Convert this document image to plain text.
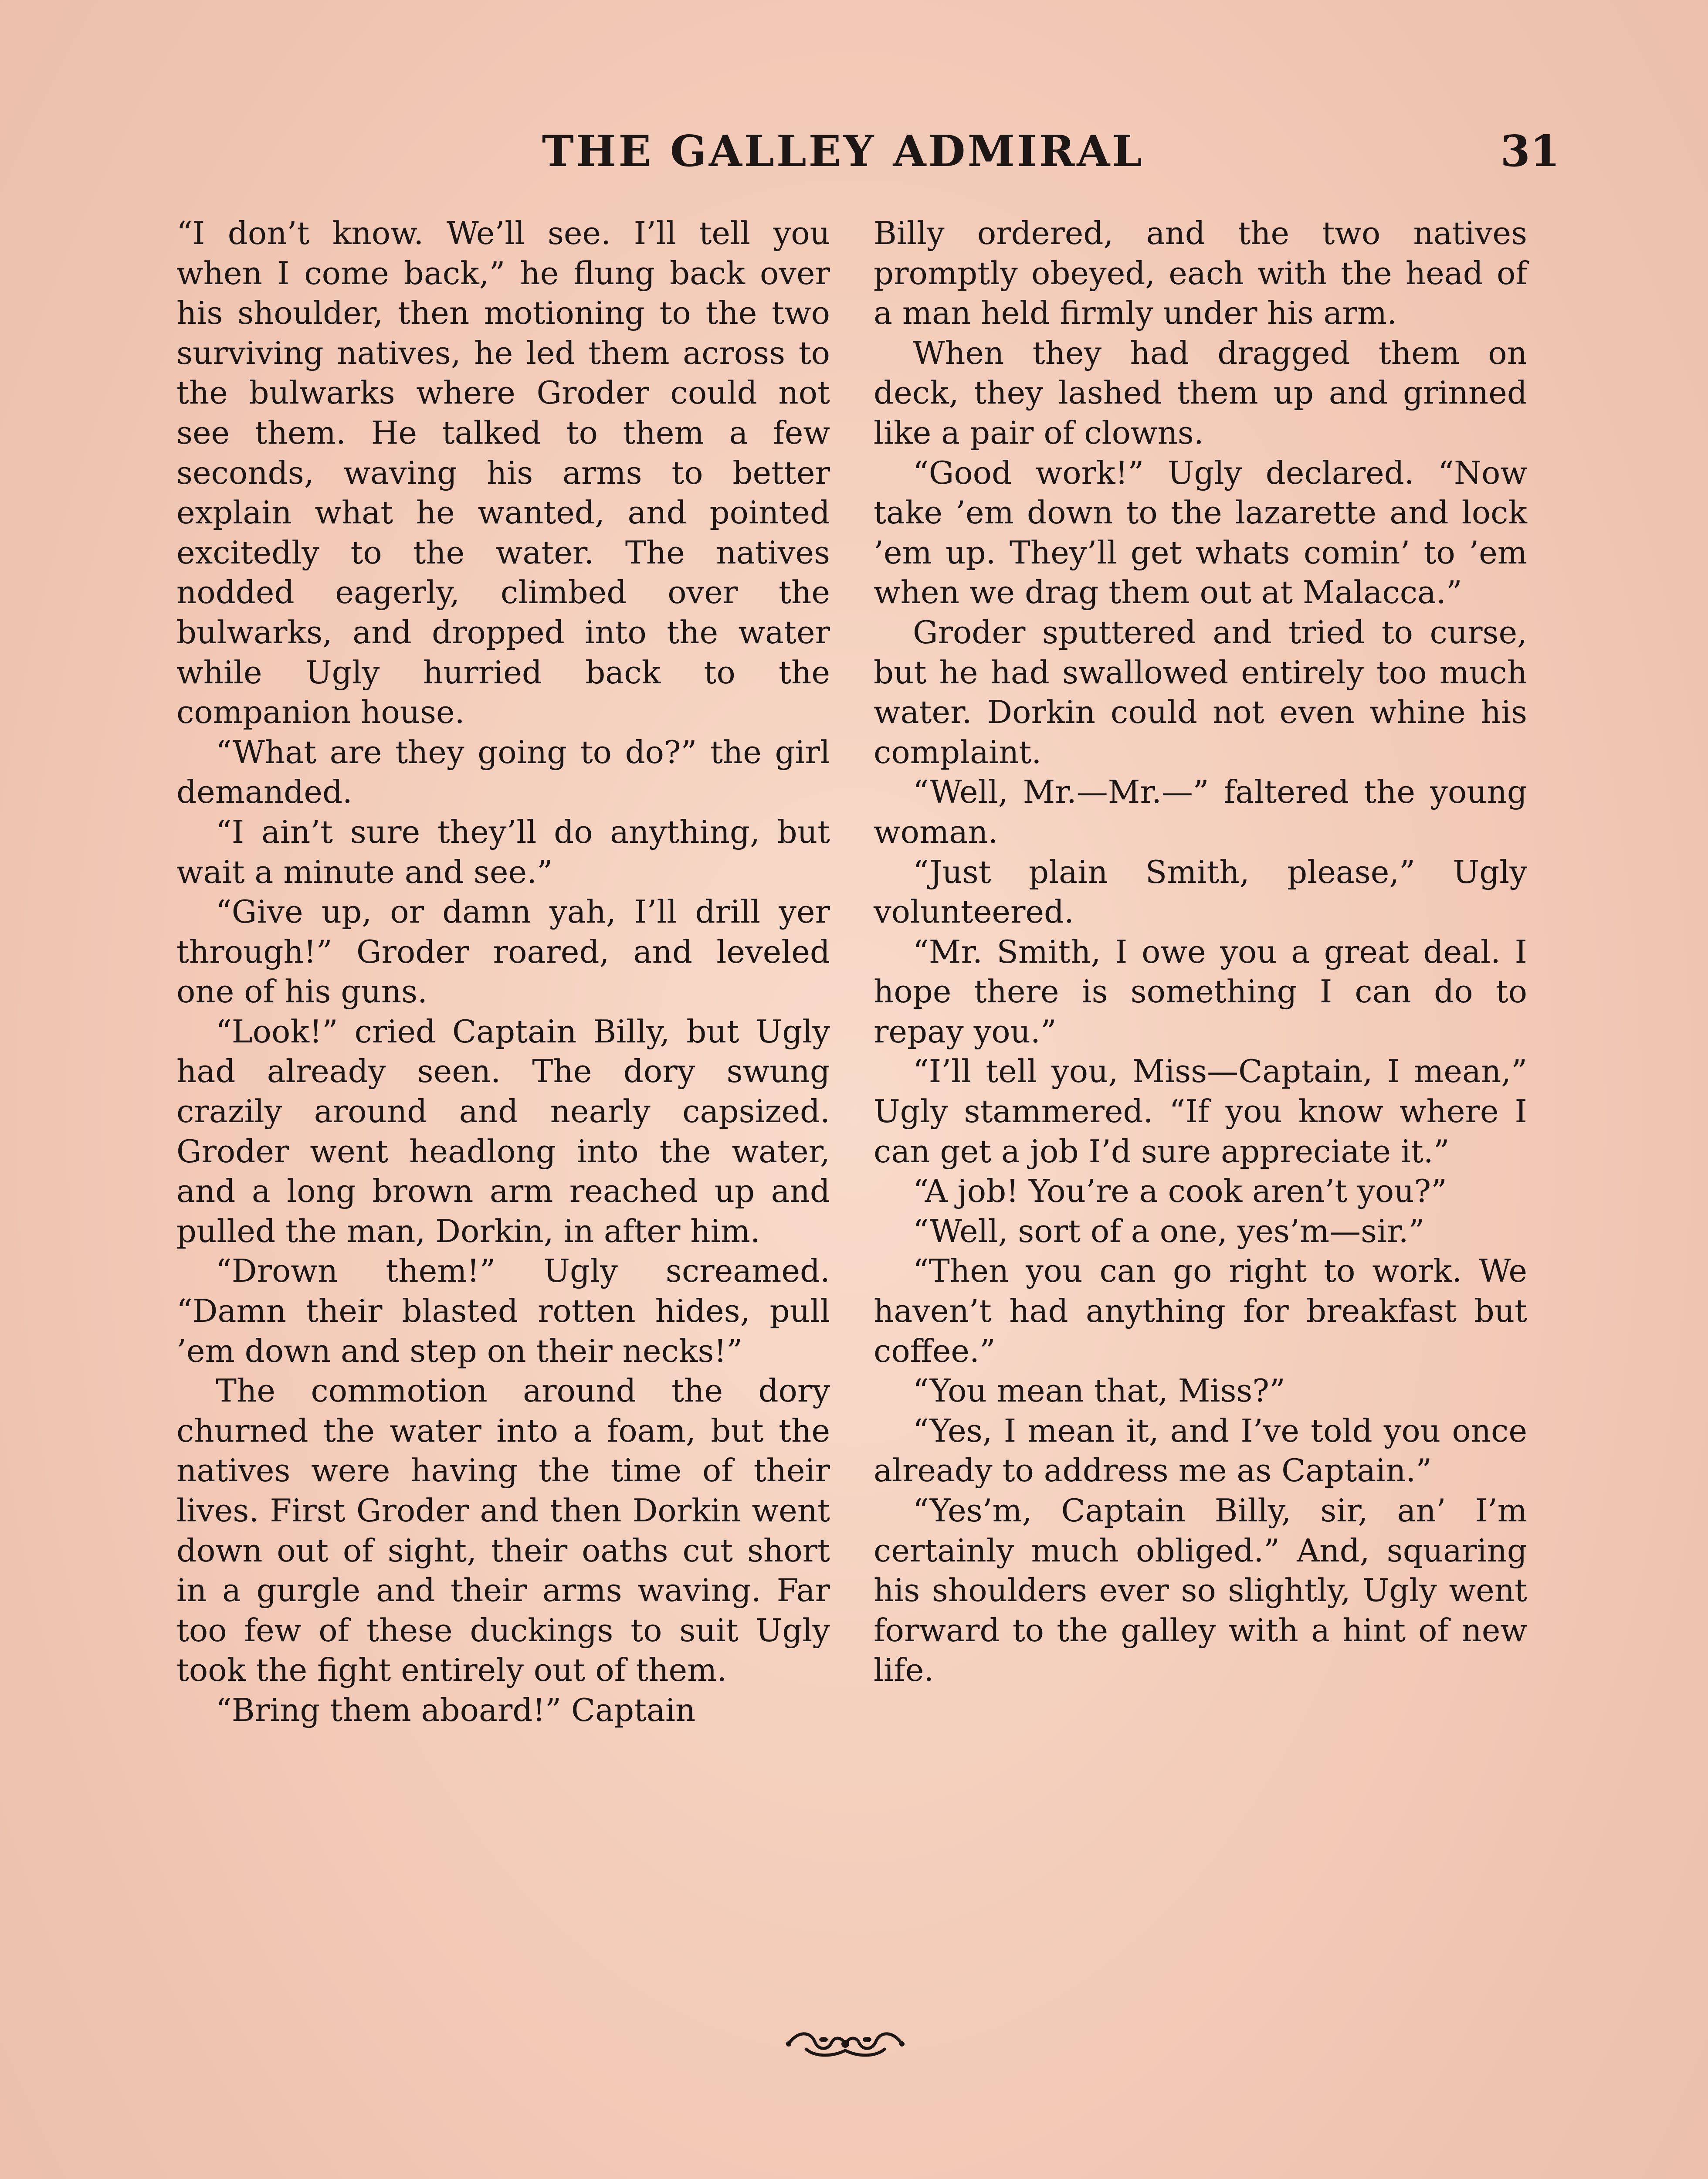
THE GALLEY ADMIRAL	31

“I don’t know. We’ll see. I’ll tell you when I come back,” he flung back over his shoulder, then motioning to the two surviving natives, he led them across to the bulwarks where Groder could not see them. He talked to them a few seconds, waving his arms to better explain what he wanted, and pointed excitedly to the water. The natives nodded eagerly, climbed over the bulwarks, and dropped into the water while Ugly hurried back to the companion house.

“What are they going to do?” the girl demanded.

“I ain’t sure they’ll do anything, but wait a minute and see.”

“Give up, or damn yah, I’ll drill yer through!” Groder roared, and leveled one of his guns.

“Look!” cried Captain Billy, but Ugly had already seen. The dory swung crazily around and nearly capsized. Groder went headlong into the water, and a long brown arm reached up and pulled the man, Dorkin, in after him.

“Drown them!” Ugly screamed. “Damn their blasted rotten hides, pull ’em down and step on their necks!”

The commotion around the dory churned the water into a foam, but the natives were having the time of their lives. First Groder and then Dorkin went down out of sight, their oaths cut short in a gurgle and their arms waving. Far too few of these duckings to suit Ugly took the fight entirely out of them.

“Bring them aboard!” Captain

Billy ordered, and the two natives promptly obeyed, each with the head of a man held firmly under his arm.

When they had dragged them on deck, they lashed them up and grinned like a pair of clowns.

“Good work!” Ugly declared. “Now take ’em down to the lazarette and lock ’em up. They’ll get whats comin’ to ’em when we drag them out at Malacca.”

Groder sputtered and tried to curse, but he had swallowed entirely too much water. Dorkin could not even whine his complaint.

“Well, Mr.—Mr.—” faltered the young woman.

“Just plain Smith, please,” Ugly volunteered.

“Mr. Smith, I owe you a great deal. I hope there is something I can do to repay you.”

“I’ll tell you, Miss—Captain, I mean,” Ugly stammered. “If you know where I can get a job I’d sure appreciate it.”

“A job! You’re a cook aren’t you?”

“Well, sort of a one, yes’m—sir.”

“Then you can go right to work. We haven’t had anything for breakfast but coffee.”

“You mean that, Miss?”

“Yes, I mean it, and I’ve told you once already to address me as Captain.”

“Yes’m, Captain Billy, sir, an’ I’m certainly much obliged.” And, squaring his shoulders ever so slightly, Ugly went forward to the galley with a hint of new life.
